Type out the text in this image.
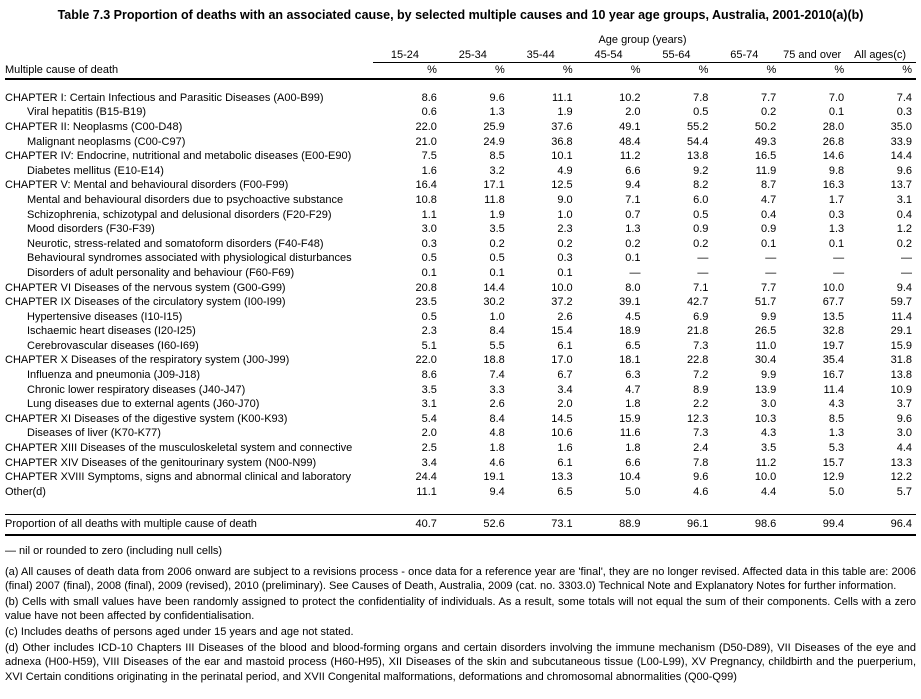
Table 7.3 Proportion of deaths with an associated cause, by selected multiple causes and 10 year age groups, Australia, 2001-2010(a)(b)
	Age group (years)							
	15-24	25-34	35-44	45-54	55-64	65-74	75 and over	All ages(c)
Multiple cause of death	%	%	%	%	%	%	%	%
CHAPTER I: Certain Infectious and Parasitic Diseases (A00-B99)	8.6	9.6	11.1	10.2	7.8	7.7	7.0	7.4
Viral hepatitis (B15-B19)	0.6	1.3	1.9	2.0	0.5	0.2	0.1	0.3
CHAPTER II: Neoplasms (C00-D48)	22.0	25.9	37.6	49.1	55.2	50.2	28.0	35.0
Malignant neoplasms (C00-C97)	21.0	24.9	36.8	48.4	54.4	49.3	26.8	33.9
CHAPTER IV: Endocrine, nutritional and metabolic diseases (E00-E90)	7.5	8.5	10.1	11.2	13.8	16.5	14.6	14.4
Diabetes mellitus (E10-E14)	1.6	3.2	4.9	6.6	9.2	11.9	9.8	9.6
CHAPTER V: Mental and behavioural disorders (F00-F99)	16.4	17.1	12.5	9.4	8.2	8.7	16.3	13.7
Mental and behavioural disorders due to psychoactive substance	10.8	11.8	9.0	7.1	6.0	4.7	1.7	3.1
Schizophrenia, schizotypal and delusional disorders (F20-F29)	1.1	1.9	1.0	0.7	0.5	0.4	0.3	0.4
Mood disorders (F30-F39)	3.0	3.5	2.3	1.3	0.9	0.9	1.3	1.2
Neurotic, stress-related and somatoform disorders (F40-F48)	0.3	0.2	0.2	0.2	0.2	0.1	0.1	0.2
Behavioural syndromes associated with physiological disturbances	0.5	0.5	0.3	0.1	—	—	—	—
Disorders of adult personality and behaviour (F60-F69)	0.1	0.1	0.1	—	—	—	—	—
CHAPTER VI Diseases of the nervous system (G00-G99)	20.8	14.4	10.0	8.0	7.1	7.7	10.0	9.4
CHAPTER IX Diseases of the circulatory system (I00-I99)	23.5	30.2	37.2	39.1	42.7	51.7	67.7	59.7
Hypertensive diseases (I10-I15)	0.5	1.0	2.6	4.5	6.9	9.9	13.5	11.4
Ischaemic heart diseases (I20-I25)	2.3	8.4	15.4	18.9	21.8	26.5	32.8	29.1
Cerebrovascular diseases (I60-I69)	5.1	5.5	6.1	6.5	7.3	11.0	19.7	15.9
CHAPTER X Diseases of the respiratory system (J00-J99)	22.0	18.8	17.0	18.1	22.8	30.4	35.4	31.8
Influenza and pneumonia (J09-J18)	8.6	7.4	6.7	6.3	7.2	9.9	16.7	13.8
Chronic lower respiratory diseases (J40-J47)	3.5	3.3	3.4	4.7	8.9	13.9	11.4	10.9
Lung diseases due to external agents (J60-J70)	3.1	2.6	2.0	1.8	2.2	3.0	4.3	3.7
CHAPTER XI Diseases of the digestive system (K00-K93)	5.4	8.4	14.5	15.9	12.3	10.3	8.5	9.6
Diseases of liver (K70-K77)	2.0	4.8	10.6	11.6	7.3	4.3	1.3	3.0
CHAPTER XIII Diseases of the musculoskeletal system and connective	2.5	1.8	1.6	1.8	2.4	3.5	5.3	4.4
CHAPTER XIV Diseases of the genitourinary system (N00-N99)	3.4	4.6	6.1	6.6	7.8	11.2	15.7	13.3
CHAPTER XVIII Symptoms, signs and abnormal clinical and laboratory	24.4	19.1	13.3	10.4	9.6	10.0	12.9	12.2
Other(d)	11.1	9.4	6.5	5.0	4.6	4.4	5.0	5.7

Proportion of all deaths with multiple cause of death	40.7	52.6	73.1	88.9	96.1	98.6	99.4	96.4
— nil or rounded to zero (including null cells)
(a) All causes of death data from 2006 onward are subject to a revisions process - once data for a reference year are 'final', they are no longer revised. Affected data in this table are: 2006 (final) 2007 (final), 2008 (final), 2009 (revised), 2010 (preliminary). See Causes of Death, Australia, 2009 (cat. no. 3303.0) Technical Note and Explanatory Notes for further information.
(b) Cells with small values have been randomly assigned to protect the confidentiality of individuals. As a result, some totals will not equal the sum of their components. Cells with a zero value have not been affected by confidentialisation.
(c) Includes deaths of persons aged under 15 years and age not stated.
(d) Other includes ICD-10 Chapters III Diseases of the blood and blood-forming organs and certain disorders involving the immune mechanism (D50-D89), VII Diseases of the eye and adnexa (H00-H59), VIII Diseases of the ear and mastoid process (H60-H95), XII Diseases of the skin and subcutaneous tissue (L00-L99), XV Pregnancy, childbirth and the puerperium, XVI Certain conditions originating in the perinatal period, and XVII Congenital malformations, deformations and chromosomal abnormalities (Q00-Q99)
